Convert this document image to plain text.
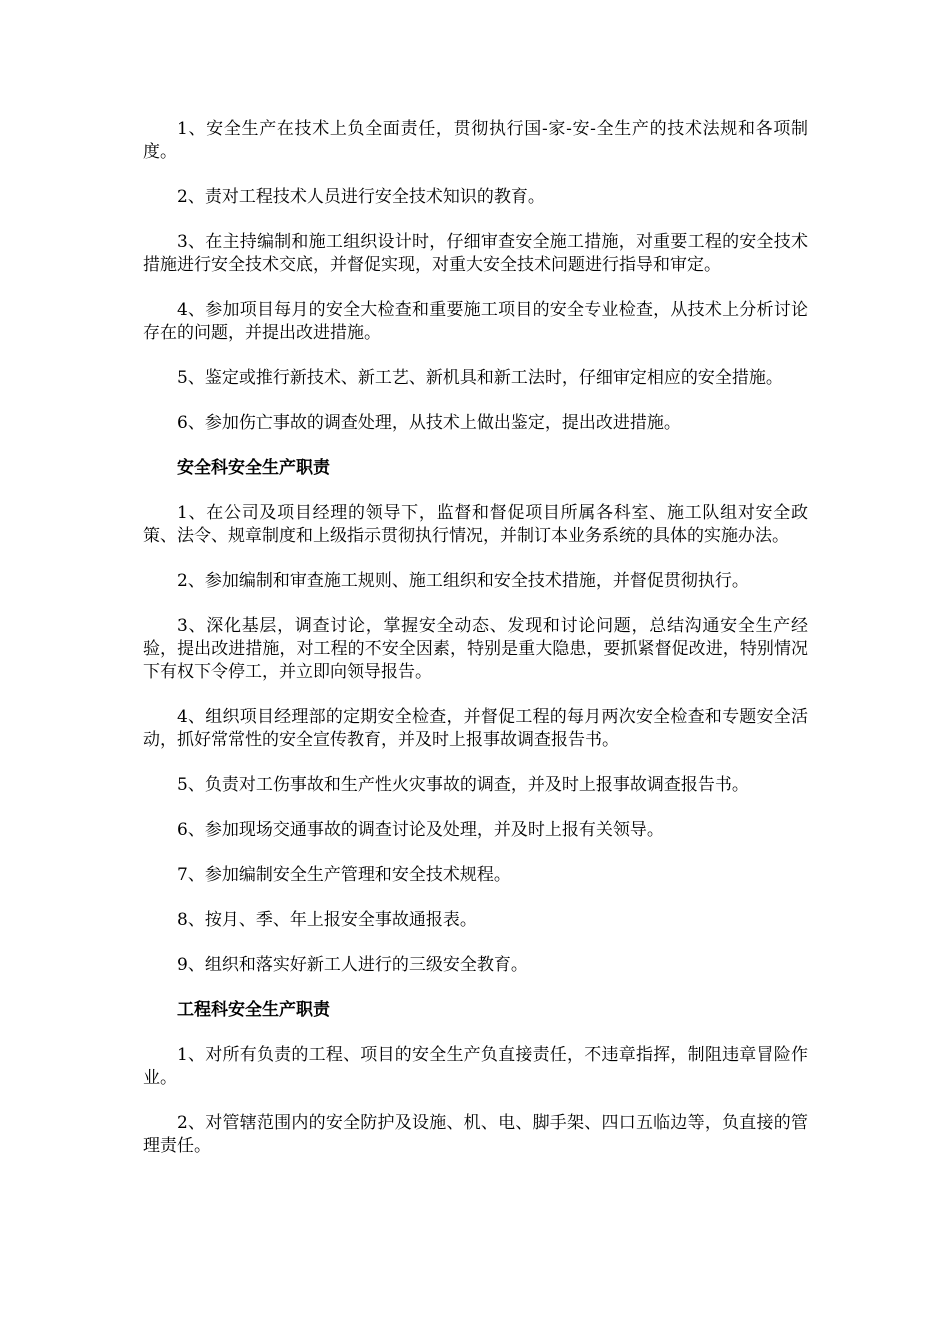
1、安全生产在技术上负全面责任，贯彻执行国-家-安-全生产的技术法规和各项制度。

2、责对工程技术人员进行安全技术知识的教育。

3、在主持编制和施工组织设计时，仔细审查安全施工措施，对重要工程的安全技术措施进行安全技术交底，并督促实现，对重大安全技术问题进行指导和审定。

4、参加项目每月的安全大检查和重要施工项目的安全专业检查，从技术上分析讨论存在的问题，并提出改进措施。

5、鉴定或推行新技术、新工艺、新机具和新工法时，仔细审定相应的安全措施。

6、参加伤亡事故的调查处理，从技术上做出鉴定，提出改进措施。

安全科安全生产职责

1、在公司及项目经理的领导下，监督和督促项目所属各科室、施工队组对安全政策、法令、规章制度和上级指示贯彻执行情况，并制订本业务系统的具体的实施办法。

2、参加编制和审查施工规则、施工组织和安全技术措施，并督促贯彻执行。

3、深化基层，调查讨论，掌握安全动态、发现和讨论问题，总结沟通安全生产经验，提出改进措施，对工程的不安全因素，特别是重大隐患，要抓紧督促改进，特别情况下有权下令停工，并立即向领导报告。

4、组织项目经理部的定期安全检查，并督促工程的每月两次安全检查和专题安全活动，抓好常常性的安全宣传教育，并及时上报事故调查报告书。

5、负责对工伤事故和生产性火灾事故的调查，并及时上报事故调查报告书。

6、参加现场交通事故的调查讨论及处理，并及时上报有关领导。

7、参加编制安全生产管理和安全技术规程。

8、按月、季、年上报安全事故通报表。

9、组织和落实好新工人进行的三级安全教育。

工程科安全生产职责

1、对所有负责的工程、项目的安全生产负直接责任，不违章指挥，制阻违章冒险作业。

2、对管辖范围内的安全防护及设施、机、电、脚手架、四口五临边等，负直接的管理责任。
